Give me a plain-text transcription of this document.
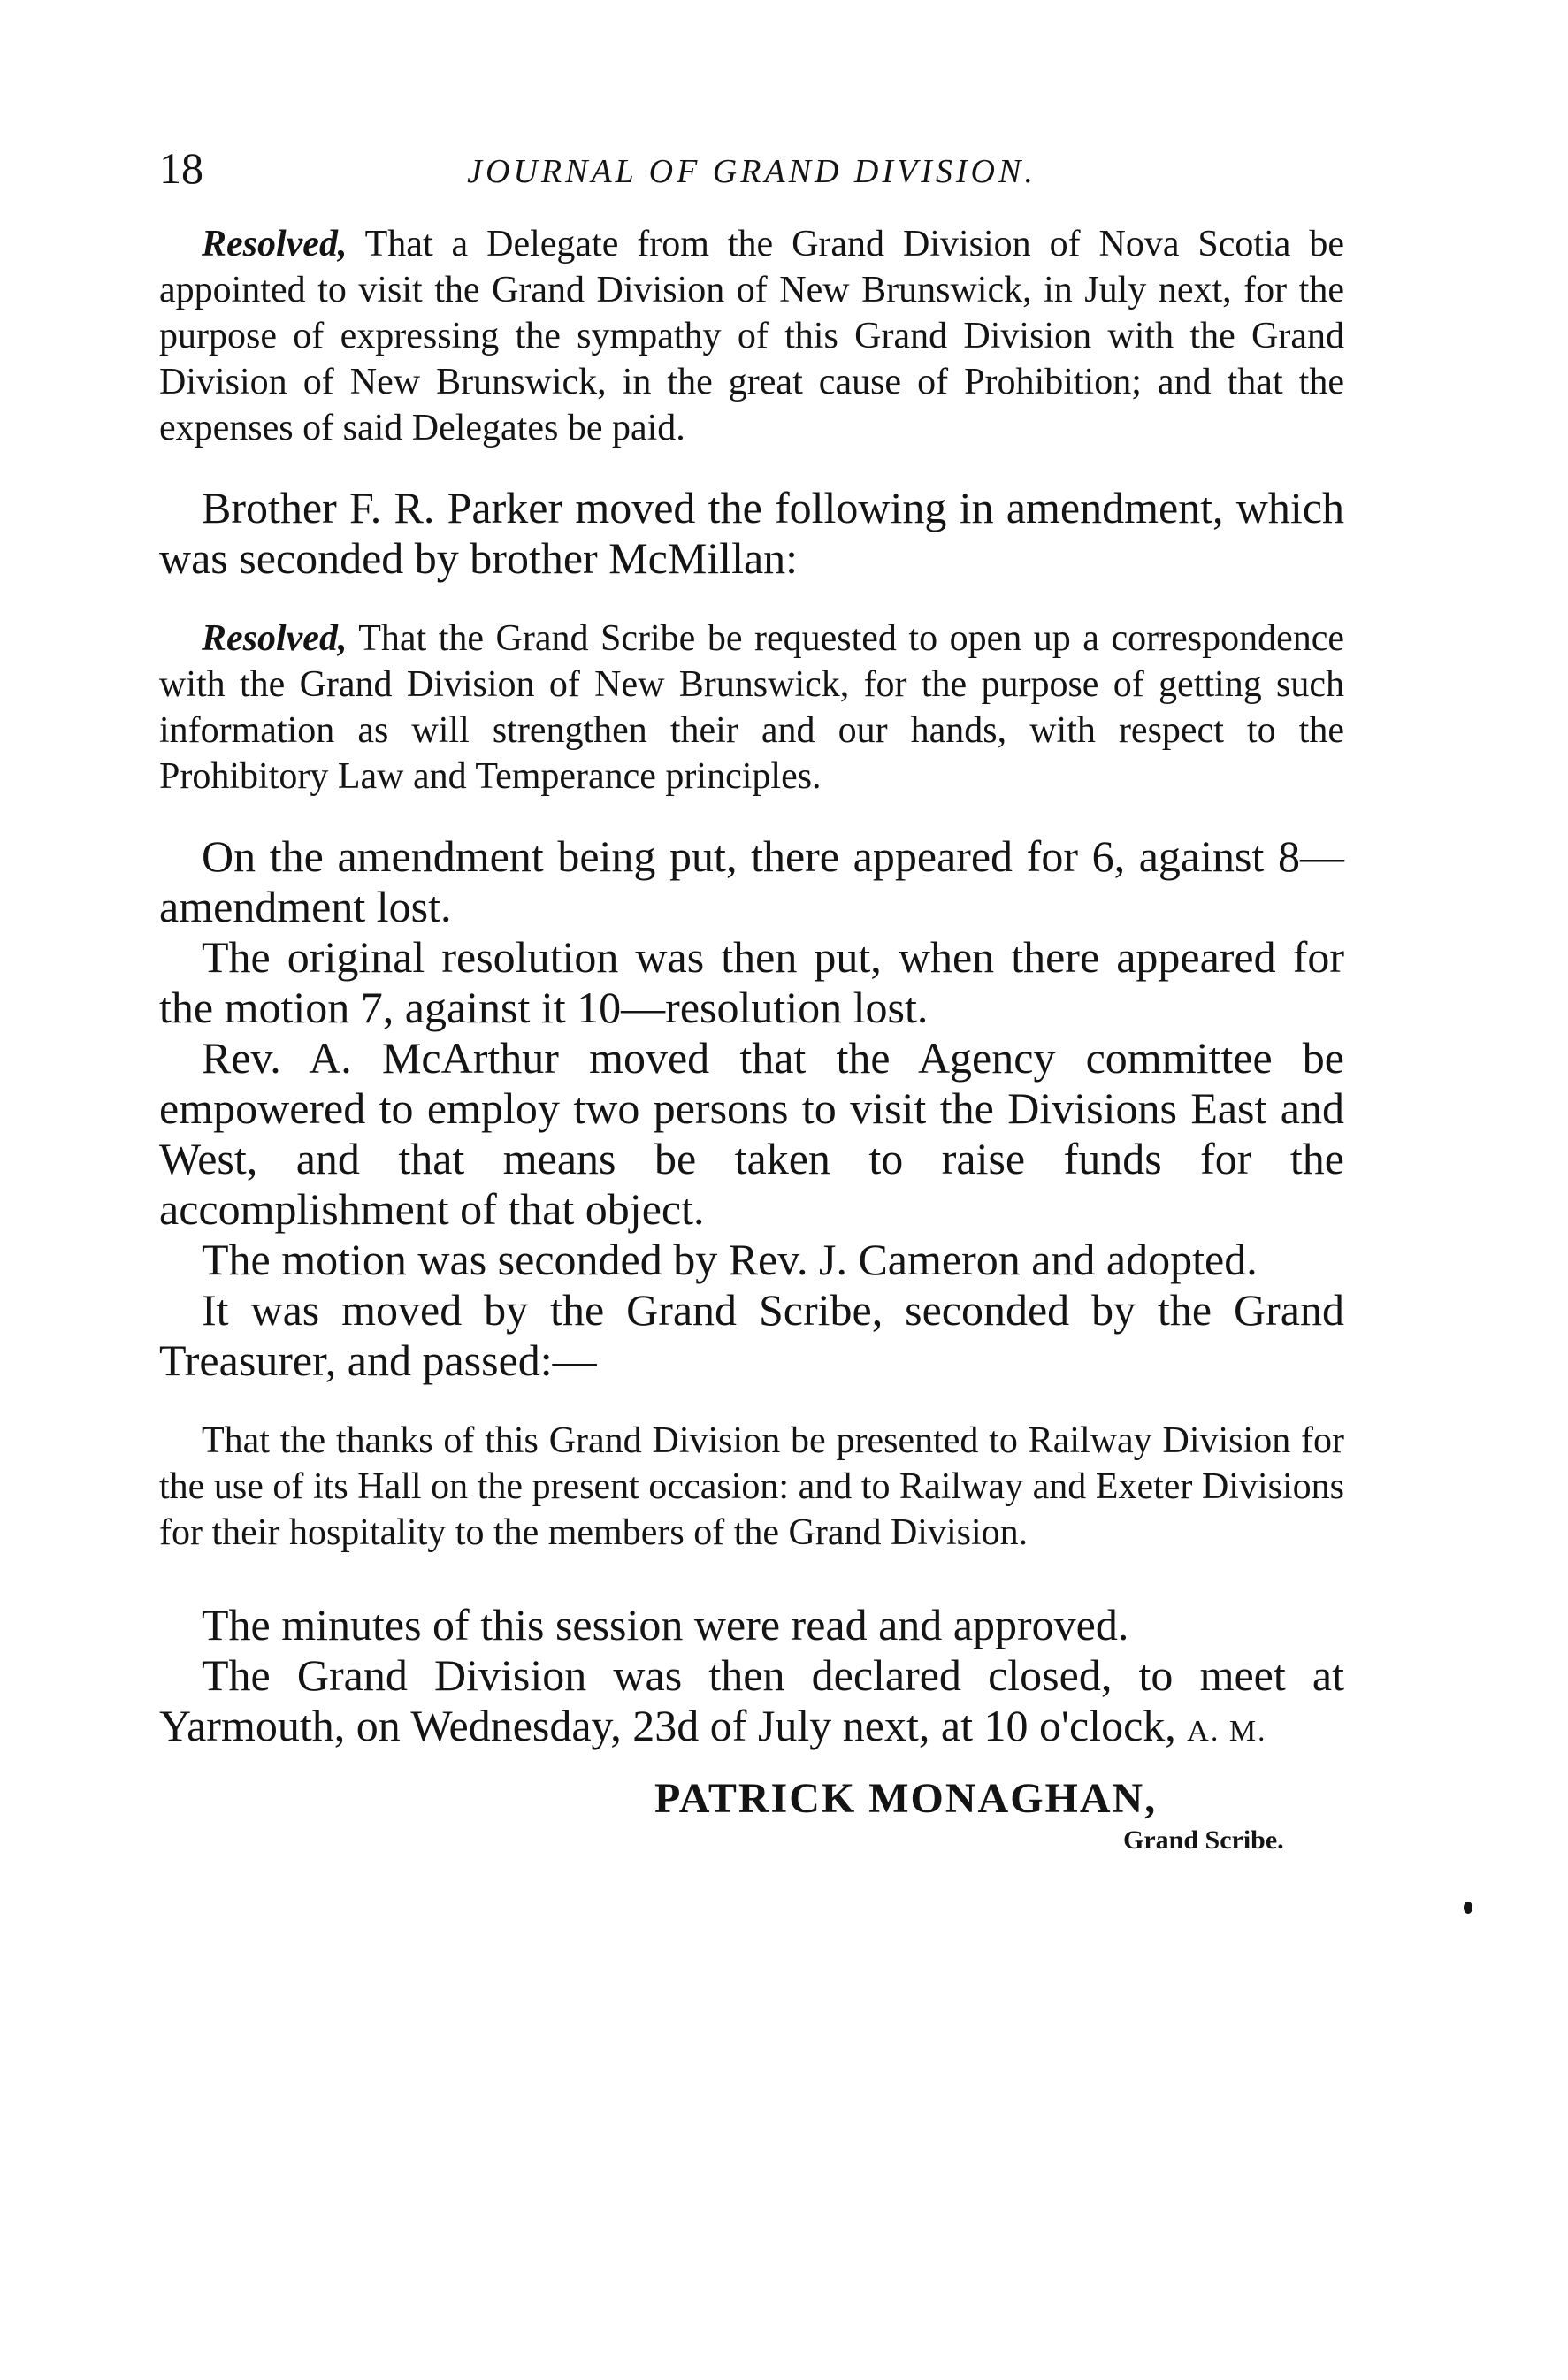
18	JOURNAL OF GRAND DIVISION.

Resolved, That a Delegate from the Grand Division of Nova Scotia be appointed to visit the Grand Division of New Brunswick, in July next, for the purpose of expressing the sympathy of this Grand Division with the Grand Division of New Brunswick, in the great cause of Prohibition; and that the expenses of said Delegates be paid.

Brother F. R. Parker moved the following in amendment, which was seconded by brother McMillan:

Resolved, That the Grand Scribe be requested to open up a correspondence with the Grand Division of New Brunswick, for the purpose of getting such information as will strengthen their and our hands, with respect to the Prohibitory Law and Temperance principles.

On the amendment being put, there appeared for 6, against 8—amendment lost.

The original resolution was then put, when there appeared for the motion 7, against it 10—resolution lost.

Rev. A. McArthur moved that the Agency committee be empowered to employ two persons to visit the Divisions East and West, and that means be taken to raise funds for the accomplishment of that object.

The motion was seconded by Rev. J. Cameron and adopted.

It was moved by the Grand Scribe, seconded by the Grand Treasurer, and passed:—

That the thanks of this Grand Division be presented to Railway Division for the use of its Hall on the present occasion: and to Railway and Exeter Divisions for their hospitality to the members of the Grand Division.

The minutes of this session were read and approved.

The Grand Division was then declared closed, to meet at Yarmouth, on Wednesday, 23d of July next, at 10 o'clock, A. M.

PATRICK MONAGHAN,
Grand Scribe.
